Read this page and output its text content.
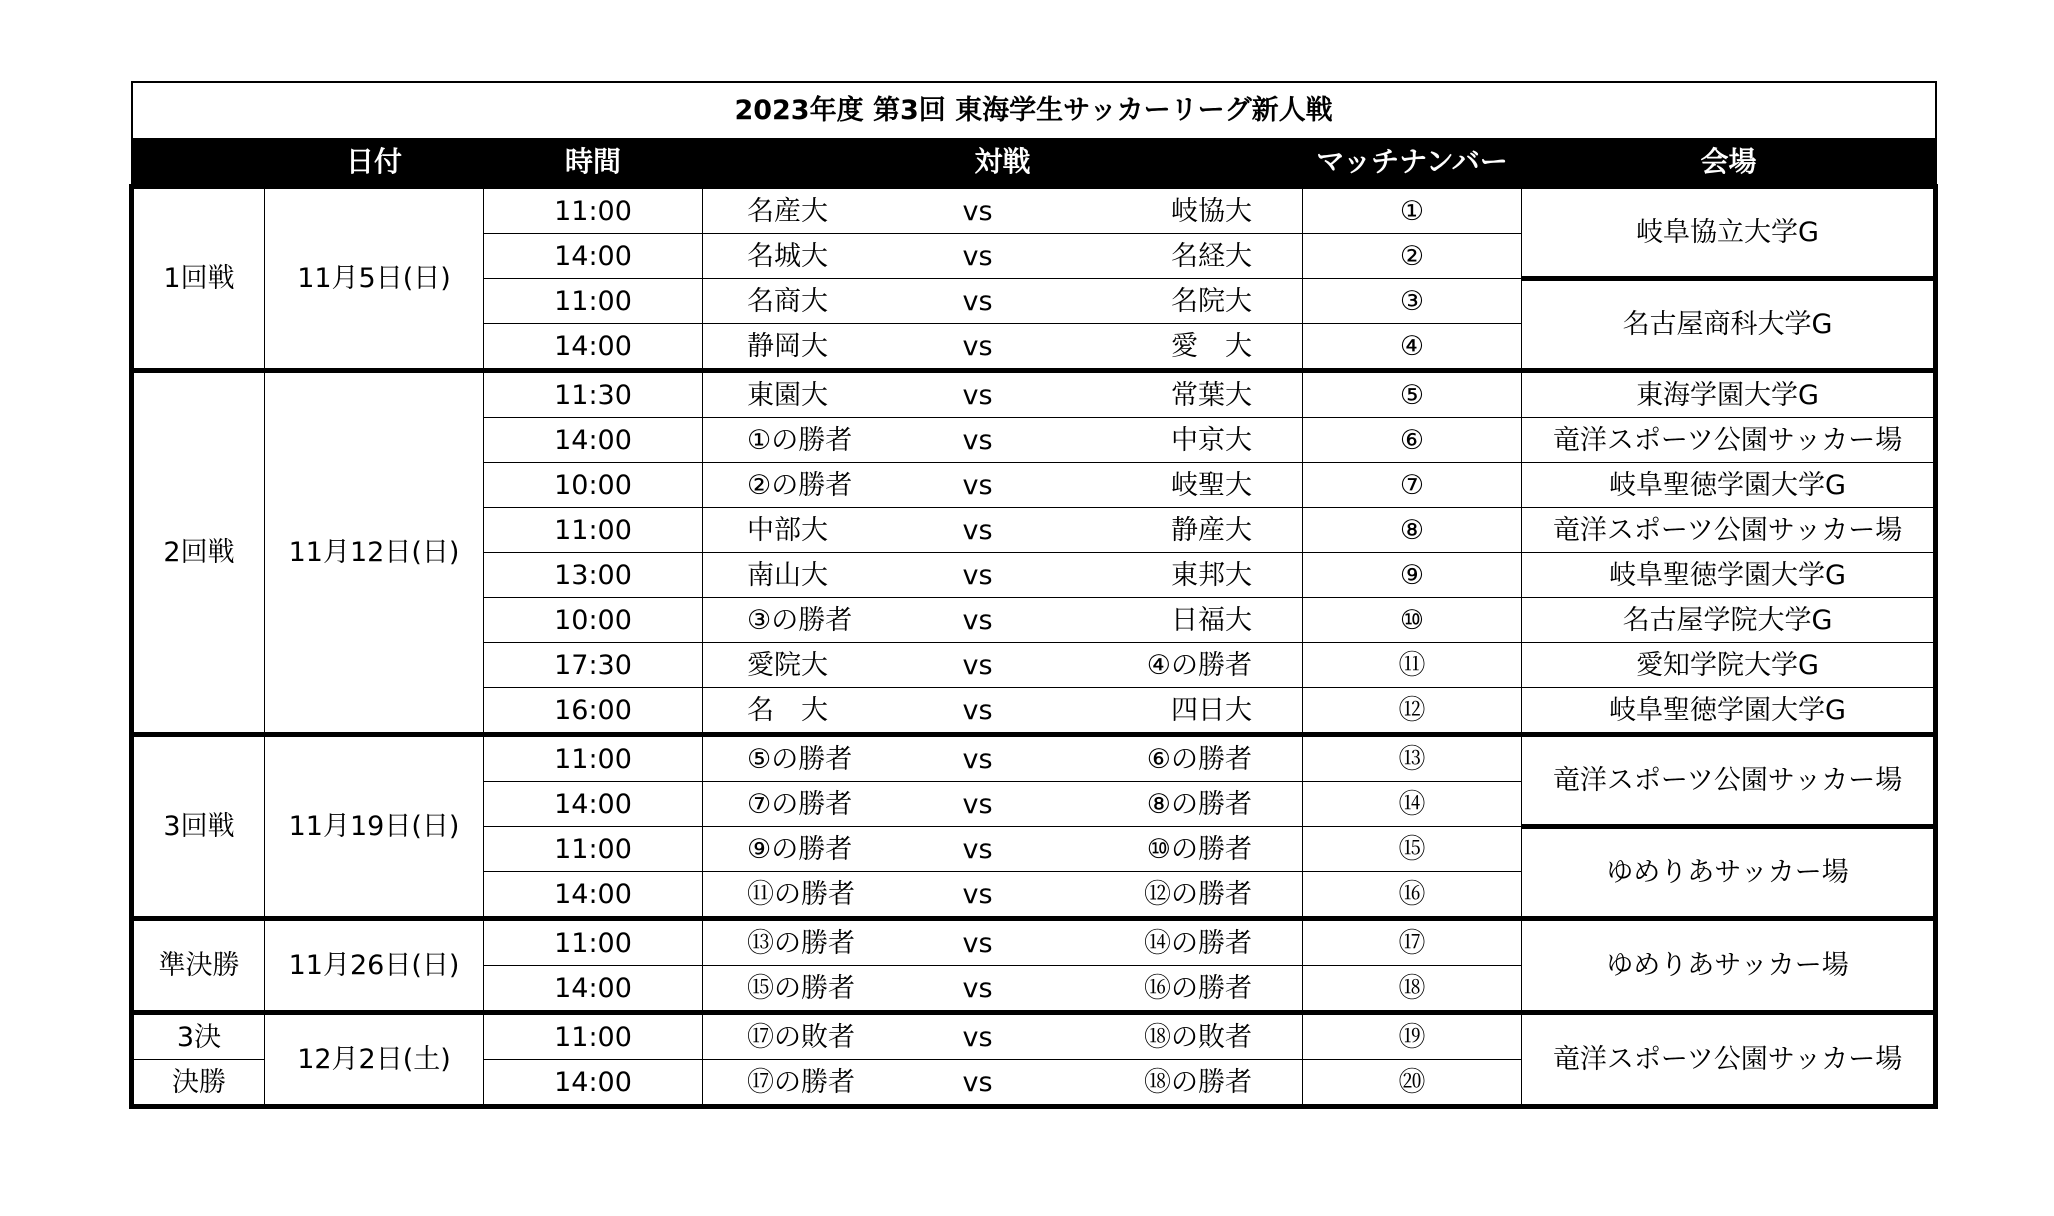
2023年度 第3回 東海学生サッカーリーグ新人戦							
	日付	時間	対戦			マッチナンバー	会場
1回戦	11月5日(日)	11:00	名産大	vs	岐協大	①	岐阜協立大学G
		14:00	名城大	vs	名経大	②	
		11:00	名商大	vs	名院大	③	名古屋商科大学G
		14:00	静岡大	vs	愛　大	④	
2回戦	11月12日(日)	11:30	東園大	vs	常葉大	⑤	東海学園大学G
		14:00	①の勝者	vs	中京大	⑥	竜洋スポーツ公園サッカー場
		10:00	②の勝者	vs	岐聖大	⑦	岐阜聖徳学園大学G
		11:00	中部大	vs	静産大	⑧	竜洋スポーツ公園サッカー場
		13:00	南山大	vs	東邦大	⑨	岐阜聖徳学園大学G
		10:00	③の勝者	vs	日福大	⑩	名古屋学院大学G
		17:30	愛院大	vs	④の勝者	⑪	愛知学院大学G
		16:00	名　大	vs	四日大	⑫	岐阜聖徳学園大学G
3回戦	11月19日(日)	11:00	⑤の勝者	vs	⑥の勝者	⑬	竜洋スポーツ公園サッカー場
		14:00	⑦の勝者	vs	⑧の勝者	⑭	
		11:00	⑨の勝者	vs	⑩の勝者	⑮	ゆめりあサッカー場
		14:00	⑪の勝者	vs	⑫の勝者	⑯	
準決勝	11月26日(日)	11:00	⑬の勝者	vs	⑭の勝者	⑰	ゆめりあサッカー場
		14:00	⑮の勝者	vs	⑯の勝者	⑱	
3決	12月2日(土)	11:00	⑰の敗者	vs	⑱の敗者	⑲	竜洋スポーツ公園サッカー場
決勝		14:00	⑰の勝者	vs	⑱の勝者	⑳	
